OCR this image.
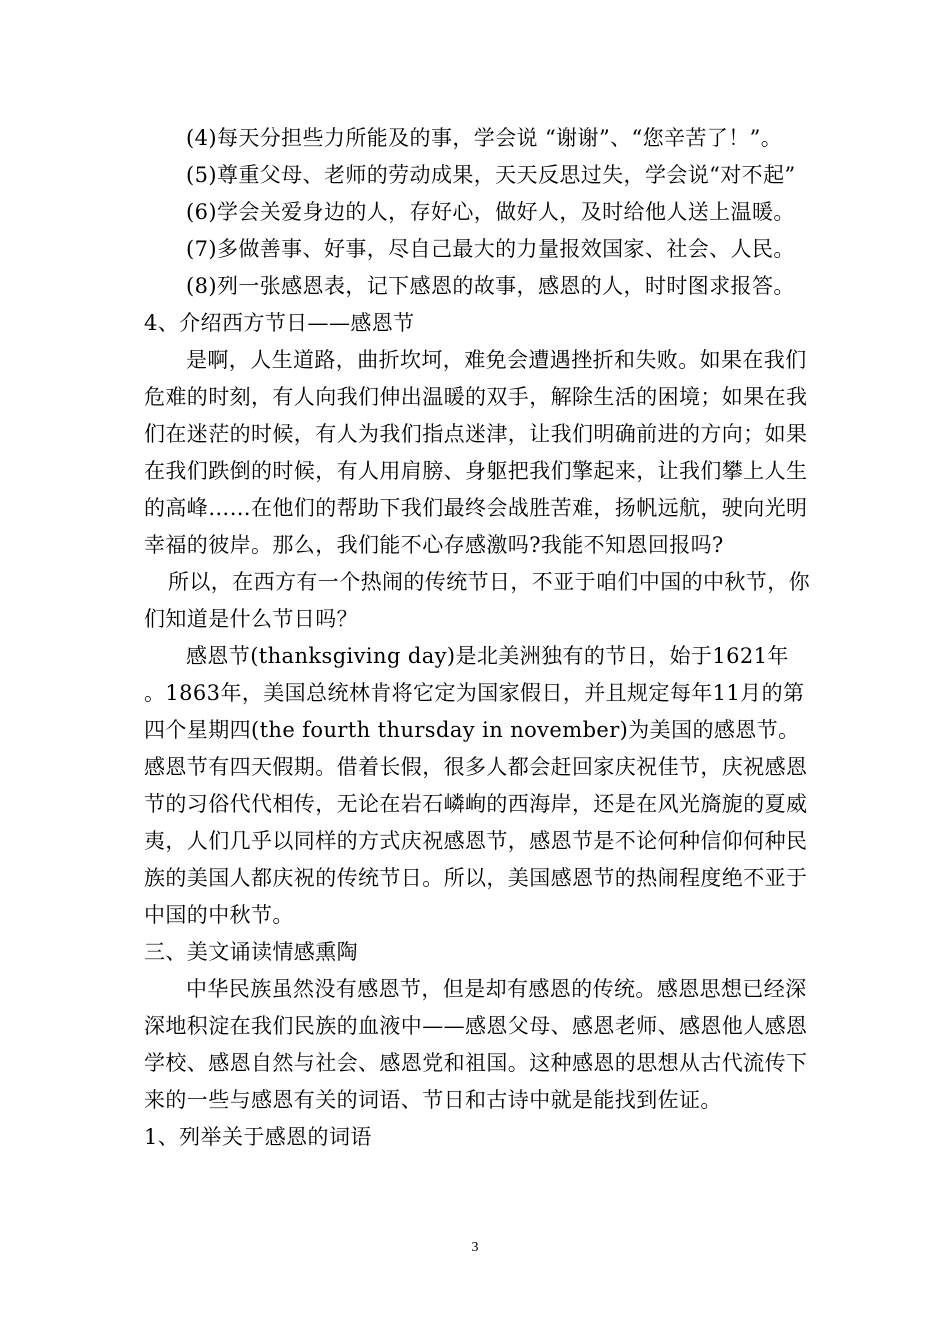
(4)每天分担些力所能及的事，学会说 “谢谢”、“您辛苦了！”。

(5)尊重父母、老师的劳动成果，天天反思过失，学会说“对不起”

(6)学会关爱身边的人，存好心，做好人，及时给他人送上温暖。

(7)多做善事、好事，尽自己最大的力量报效国家、社会、人民。

(8)列一张感恩表，记下感恩的故事，感恩的人，时时图求报答。

4、介绍西方节日——感恩节

是啊，人生道路，曲折坎坷，难免会遭遇挫折和失败。如果在我们危难的时刻，有人向我们伸出温暖的双手，解除生活的困境；如果在我们在迷茫的时候，有人为我们指点迷津，让我们明确前进的方向；如果在我们跌倒的时候，有人用肩膀、身躯把我们擎起来，让我们攀上人生的高峰……在他们的帮助下我们最终会战胜苦难，扬帆远航，驶向光明幸福的彼岸。那么，我们能不心存感激吗?我能不知恩回报吗?

所以，在西方有一个热闹的传统节日，不亚于咱们中国的中秋节，你们知道是什么节日吗？

感恩节(thanksgiving day)是北美洲独有的节日，始于1621年 。1863年，美国总统林肯将它定为国家假日，并且规定每年11月的第四个星期四(the fourth thursday in november)为美国的感恩节。感恩节有四天假期。借着长假，很多人都会赶回家庆祝佳节，庆祝感恩节的习俗代代相传，无论在岩石嶙峋的西海岸，还是在风光旖旎的夏威夷，人们几乎以同样的方式庆祝感恩节，感恩节是不论何种信仰何种民族的美国人都庆祝的传统节日。所以，美国感恩节的热闹程度绝不亚于中国的中秋节。

三、美文诵读情感熏陶

中华民族虽然没有感恩节，但是却有感恩的传统。感恩思想已经深深地积淀在我们民族的血液中——感恩父母、感恩老师、感恩他人感恩学校、感恩自然与社会、感恩党和祖国。这种感恩的思想从古代流传下来的一些与感恩有关的词语、节日和古诗中就是能找到佐证。

1、列举关于感恩的词语

3
